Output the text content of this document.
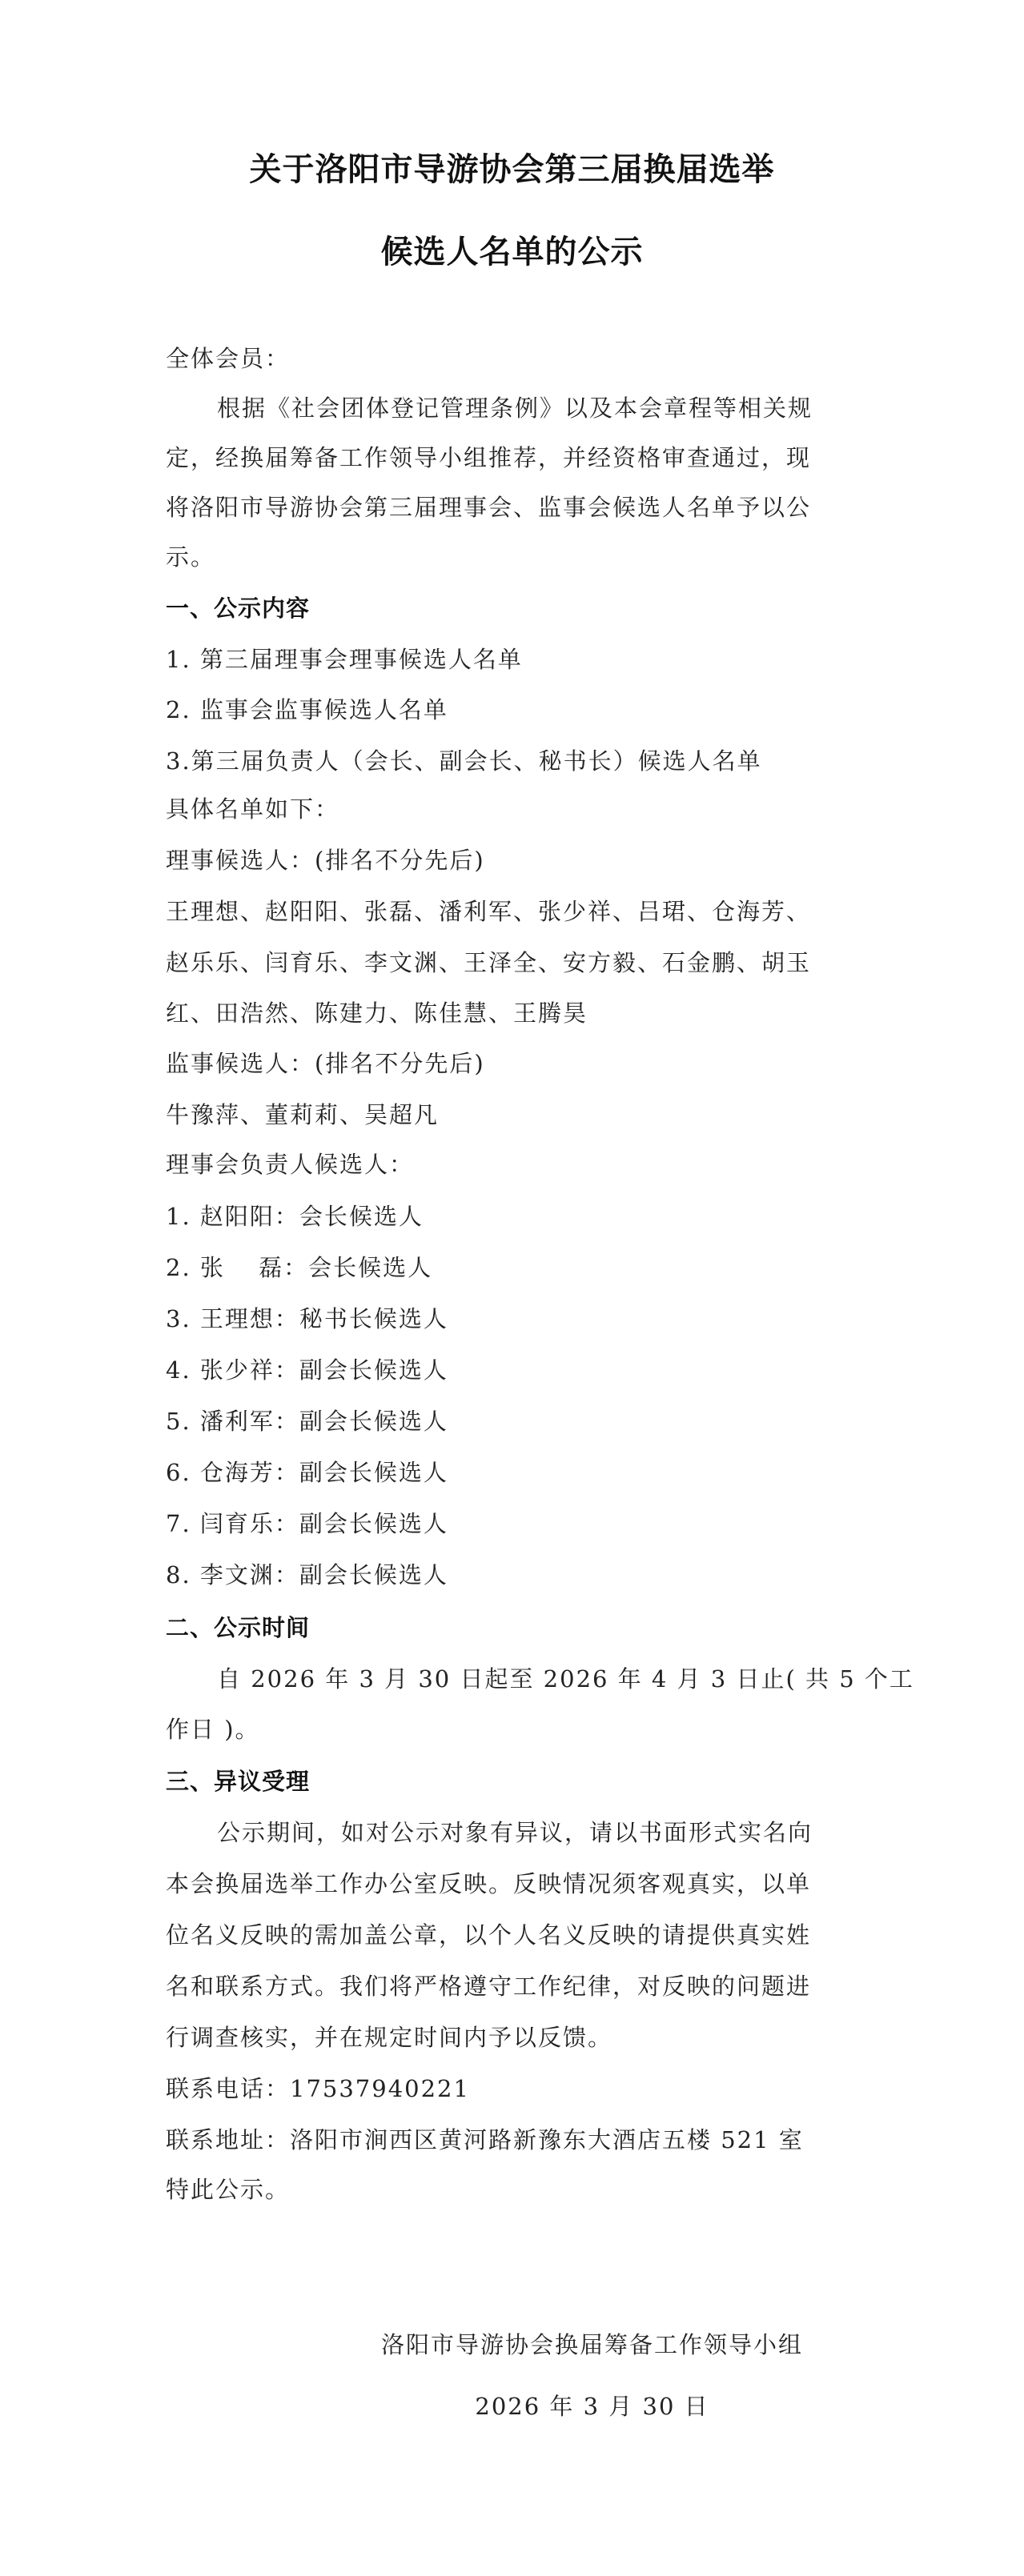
关于洛阳市导游协会第三届换届选举
候选人名单的公示
全体会员：
根据《社会团体登记管理条例》以及本会章程等相关规
定，经换届筹备工作领导小组推荐，并经资格审查通过，现
将洛阳市导游协会第三届理事会、监事会候选人名单予以公
示。
一、公示内容
1. 第三届理事会理事候选人名单
2. 监事会监事候选人名单
3.第三届负责人（会长、副会长、秘书长）候选人名单
具体名单如下：
理事候选人：(排名不分先后)
王理想、赵阳阳、张磊、潘利军、张少祥、吕珺、仓海芳、
赵乐乐、闫育乐、李文渊、王泽全、安方毅、石金鹏、胡玉
红、田浩然、陈建力、陈佳慧、王腾昊
监事候选人：(排名不分先后)
牛豫萍、董莉莉、吴超凡
理事会负责人候选人：
1. 赵阳阳：会长候选人
2. 张　 磊：会长候选人
3. 王理想：秘书长候选人
4. 张少祥：副会长候选人
5. 潘利军：副会长候选人
6. 仓海芳：副会长候选人
7. 闫育乐：副会长候选人
8. 李文渊：副会长候选人
二、公示时间
自 2026 年 3 月 30 日起至 2026 年 4 月 3 日止( 共 5 个工
作日 )。
三、异议受理
公示期间，如对公示对象有异议，请以书面形式实名向
本会换届选举工作办公室反映。反映情况须客观真实，以单
位名义反映的需加盖公章，以个人名义反映的请提供真实姓
名和联系方式。我们将严格遵守工作纪律，对反映的问题进
行调查核实，并在规定时间内予以反馈。
联系电话：17537940221
联系地址：洛阳市涧西区黄河路新豫东大酒店五楼 521 室
特此公示。
洛阳市导游协会换届筹备工作领导小组
2026 年 3 月 30 日
